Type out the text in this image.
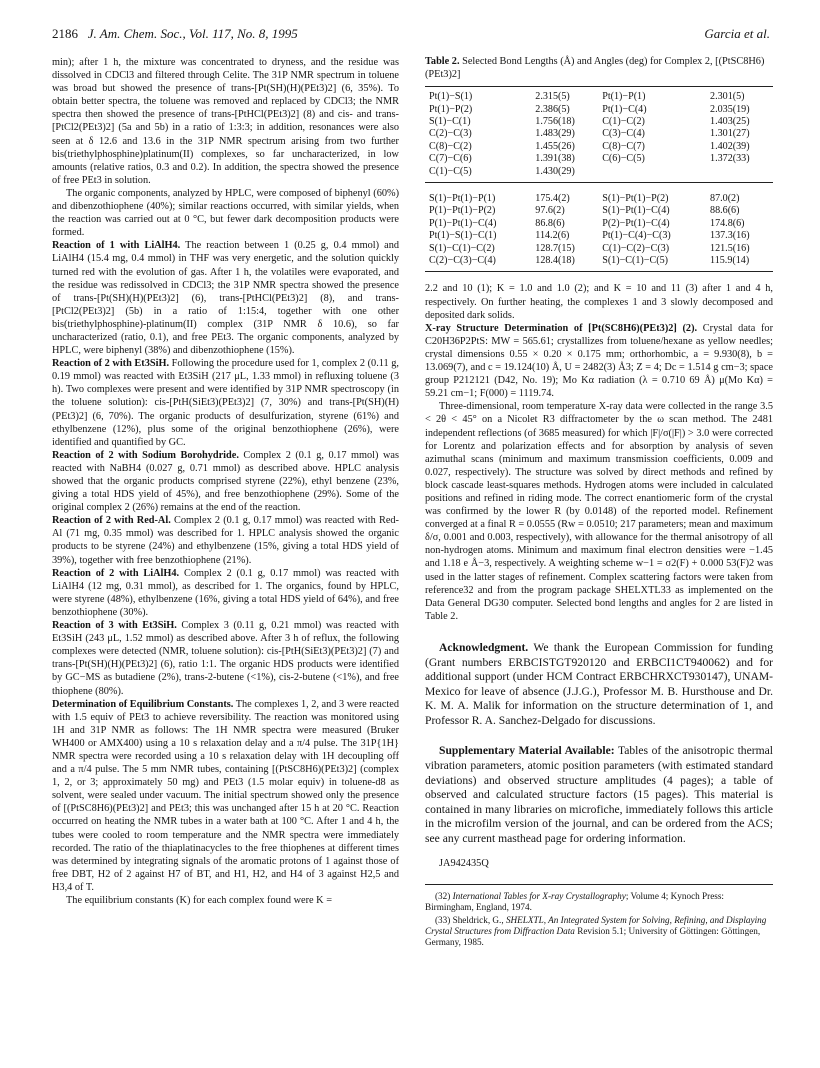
2186 J. Am. Chem. Soc., Vol. 117, No. 8, 1995	Garcia et al.

min); after 1 h, the mixture was concentrated to dryness, and the residue was dissolved in CDCl3 and filtered through Celite. The 31P NMR spectrum in toluene was broad but showed the presence of trans-[Pt(SH)(H)(PEt3)2] (6, 35%). To obtain better spectra, the toluene was removed and replaced by CDCl3; the NMR spectra then showed the presence of trans-[PtHCl(PEt3)2] (8) and cis- and trans-[PtCl2(PEt3)2] (5a and 5b) in a ratio of 1:3:3; in addition, resonances were also seen at δ 12.6 and 13.6 in the 31P NMR spectrum arising from two further bis(triethylphosphine)platinum(II) complexes, so far uncharacterized, in low amounts (relative ratios, 0.3 and 0.2). In addition, the spectra showed the presence of free PEt3 in solution.

The organic components, analyzed by HPLC, were composed of biphenyl (60%) and dibenzothiophene (40%); similar reactions occurred, with similar yields, when the reaction was carried out at 0 °C, but fewer dark decomposition products were formed.

Reaction of 1 with LiAlH4. The reaction between 1 (0.25 g, 0.4 mmol) and LiAlH4 (15.4 mg, 0.4 mmol) in THF was very energetic, and the solution quickly turned red with the evolution of gas. After 1 h, the volatiles were evaporated, and the residue was redissolved in CDCl3; the 31P NMR spectra showed the presence of trans-[Pt(SH)(H)(PEt3)2] (6), trans-[PtHCl(PEt3)2] (8), and trans-[PtCl2(PEt3)2] (5b) in a ratio of 1:15:4, together with one other bis(triethylphosphine)-platinum(II) complex (31P NMR δ 10.6), so far uncharacterized (ratio, 0.1), and free PEt3. The organic components, analyzed by HPLC, were biphenyl (38%) and dibenzothiophene (15%).

Reaction of 2 with Et3SiH. Following the procedure used for 1, complex 2 (0.11 g, 0.19 mmol) was reacted with Et3SiH (217 μL, 1.33 mmol) in refluxing toluene (3 h). Two complexes were present and were identified by 31P NMR spectroscopy (in the toluene solution): cis-[PtH(SiEt3)(PEt3)2] (7, 30%) and trans-[Pt(SH)(H)(PEt3)2] (6, 70%). The organic products of desulfurization, styrene (61%) and ethylbenzene (12%), plus some of the original benzothiophene (26%), were identified and quantified by GC.

Reaction of 2 with Sodium Borohydride. Complex 2 (0.1 g, 0.17 mmol) was reacted with NaBH4 (0.027 g, 0.71 mmol) as described above. HPLC analysis showed that the organic products comprised styrene (22%), ethyl benzene (23%, giving a total HDS yield of 45%), and free benzothiophene (29%). Some of the original complex 2 (26%) remains at the end of the reaction.

Reaction of 2 with Red-Al. Complex 2 (0.1 g, 0.17 mmol) was reacted with Red-Al (71 mg, 0.35 mmol) was described for 1. HPLC analysis showed the organic products to be styrene (24%) and ethylbenzene (15%, giving a total HDS yield of 39%), together with free benzothiophene (21%).

Reaction of 2 with LiAlH4. Complex 2 (0.1 g, 0.17 mmol) was reacted with LiAlH4 (12 mg, 0.31 mmol), as described for 1. The organics, found by HPLC, were styrene (48%), ethylbenzene (16%, giving a total HDS yield of 64%), and free benzothiophene (30%).

Reaction of 3 with Et3SiH. Complex 3 (0.11 g, 0.21 mmol) was reacted with Et3SiH (243 μL, 1.52 mmol) as described above. After 3 h of reflux, the following complexes were detected (NMR, toluene solution): cis-[PtH(SiEt3)(PEt3)2] (7) and trans-[Pt(SH)(H)(PEt3)2] (6), ratio 1:1. The organic HDS products were identified by GC−MS as butadiene (2%), trans-2-butene (<1%), cis-2-butene (<1%), and free thiophene (80%).

Determination of Equilibrium Constants. The complexes 1, 2, and 3 were reacted with 1.5 equiv of PEt3 to achieve reversibility. The reaction was monitored using 1H and 31P NMR as follows: The 1H NMR spectra were measured (Bruker WH400 or AMX400) using a 10 s relaxation delay and a π/4 pulse. The 31P{1H} NMR spectra were recorded using a 10 s relaxation delay with 1H decoupling off and a π/4 pulse. The 5 mm NMR tubes, containing [(PtSC8H6)(PEt3)2] (complex 1, 2, or 3; approximately 50 mg) and PEt3 (1.5 molar equiv) in toluene-d8 as solvent, were sealed under vacuum. The initial spectrum showed only the presence of [(PtSC8H6)(PEt3)2] and PEt3; this was unchanged after 15 h at 20 °C. Reaction occurred on heating the NMR tubes in a water bath at 100 °C. After 1 and 4 h, the tubes were cooled to room temperature and the NMR spectra were immediately recorded. The ratio of the thiaplatinacycles to the free thiophenes at different times was determined by integrating signals of the aromatic protons of 1 against those of free DBT, H2 of 2 against H7 of BT, and H1, H2, and H4 of 3 against H2,5 and H3,4 of T.

The equilibrium constants (K) for each complex found were K =

Table 2. Selected Bond Lengths (Å) and Angles (deg) for Complex 2, [(PtSC8H6)(PEt3)2]
Pt(1)−S(1)	2.315(5)	Pt(1)−P(1)	2.301(5)
Pt(1)−P(2)	2.386(5)	Pt(1)−C(4)	2.035(19)
S(1)−C(1)	1.756(18)	C(1)−C(2)	1.403(25)
C(2)−C(3)	1.483(29)	C(3)−C(4)	1.301(27)
C(8)−C(2)	1.455(26)	C(8)−C(7)	1.402(39)
C(7)−C(6)	1.391(38)	C(6)−C(5)	1.372(33)
C(1)−C(5)	1.430(29)		
S(1)−Pt(1)−P(1)	175.4(2)	S(1)−Pt(1)−P(2)	87.0(2)
P(1)−Pt(1)−P(2)	97.6(2)	S(1)−Pt(1)−C(4)	88.6(6)
P(1)−Pt(1)−C(4)	86.8(6)	P(2)−Pt(1)−C(4)	174.8(6)
Pt(1)−S(1)−C(1)	114.2(6)	Pt(1)−C(4)−C(3)	137.3(16)
S(1)−C(1)−C(2)	128.7(15)	C(1)−C(2)−C(3)	121.5(16)
C(2)−C(3)−C(4)	128.4(18)	S(1)−C(1)−C(5)	115.9(14)

2.2 and 10 (1); K = 1.0 and 1.0 (2); and K = 10 and 11 (3) after 1 and 4 h, respectively. On further heating, the complexes 1 and 3 slowly decomposed and deposited dark solids.

X-ray Structure Determination of [Pt(SC8H6)(PEt3)2] (2). Crystal data for C20H36P2PtS: MW = 565.61; crystallizes from toluene/hexane as yellow needles; crystal dimensions 0.55 × 0.20 × 0.175 mm; orthorhombic, a = 9.930(8), b = 13.069(7), and c = 19.124(10) Å, U = 2482(3) Å3; Z = 4; Dc = 1.514 g cm−3; space group P212121 (D42, No. 19); Mo Kα radiation (λ = 0.710 69 Å) μ(Mo Kα) = 59.21 cm−1; F(000) = 1119.74.

Three-dimensional, room temperature X-ray data were collected in the range 3.5 < 2θ < 45° on a Nicolet R3 diffractometer by the ω scan method. The 2481 independent reflections (of 3685 measured) for which |F|/σ(|F|) > 3.0 were corrected for Lorentz and polarization effects and for absorption by analysis of seven azimuthal scans (minimum and maximum transmission coefficients, 0.009 and 0.027, respectively). The structure was solved by direct methods and refined by block cascade least-squares methods. Hydrogen atoms were included in calculated positions and refined in riding mode. The correct enantiomeric form of the crystal was confirmed by the lower R (by 0.0148) of the reported model. Refinement converged at a final R = 0.0555 (Rw = 0.0510; 217 parameters; mean and maximum δ/σ, 0.001 and 0.003, respectively), with allowance for the thermal anisotropy of all non-hydrogen atoms. Minimum and maximum final electron densities were −1.45 and 1.18 e Å−3, respectively. A weighting scheme w−1 = σ2(F) + 0.000 53(F)2 was used in the latter stages of refinement. Complex scattering factors were taken from reference32 and from the program package SHELXTL33 as implemented on the Data General DG30 computer. Selected bond lengths and angles for 2 are listed in Table 2.

Acknowledgment. We thank the European Commission for funding (Grant numbers ERBCISTGT920120 and ERBCI1CT940062) and for additional support (under HCM Contract ERBCHRXCT930147), UNAM-Mexico for leave of absence (J.J.G.), Professor M. B. Hursthouse and Dr. K. M. A. Malik for information on the structure determination of 1, and Professor R. A. Sanchez-Delgado for discussions.

Supplementary Material Available: Tables of the anisotropic thermal vibration parameters, atomic position parameters (with estimated standard deviations) and observed structure amplitudes (4 pages); a table of observed and calculated structure factors (15 pages). This material is contained in many libraries on microfiche, immediately follows this article in the microfilm version of the journal, and can be ordered from the ACS; see any current masthead page for ordering information.

JA942435Q

(32) International Tables for X-ray Crystallography; Volume 4; Kynoch Press: Birmingham, England, 1974.

(33) Sheldrick, G., SHELXTL, An Integrated System for Solving, Refining, and Displaying Crystal Structures from Diffraction Data Revision 5.1; University of Göttingen: Göttingen, Germany, 1985.
